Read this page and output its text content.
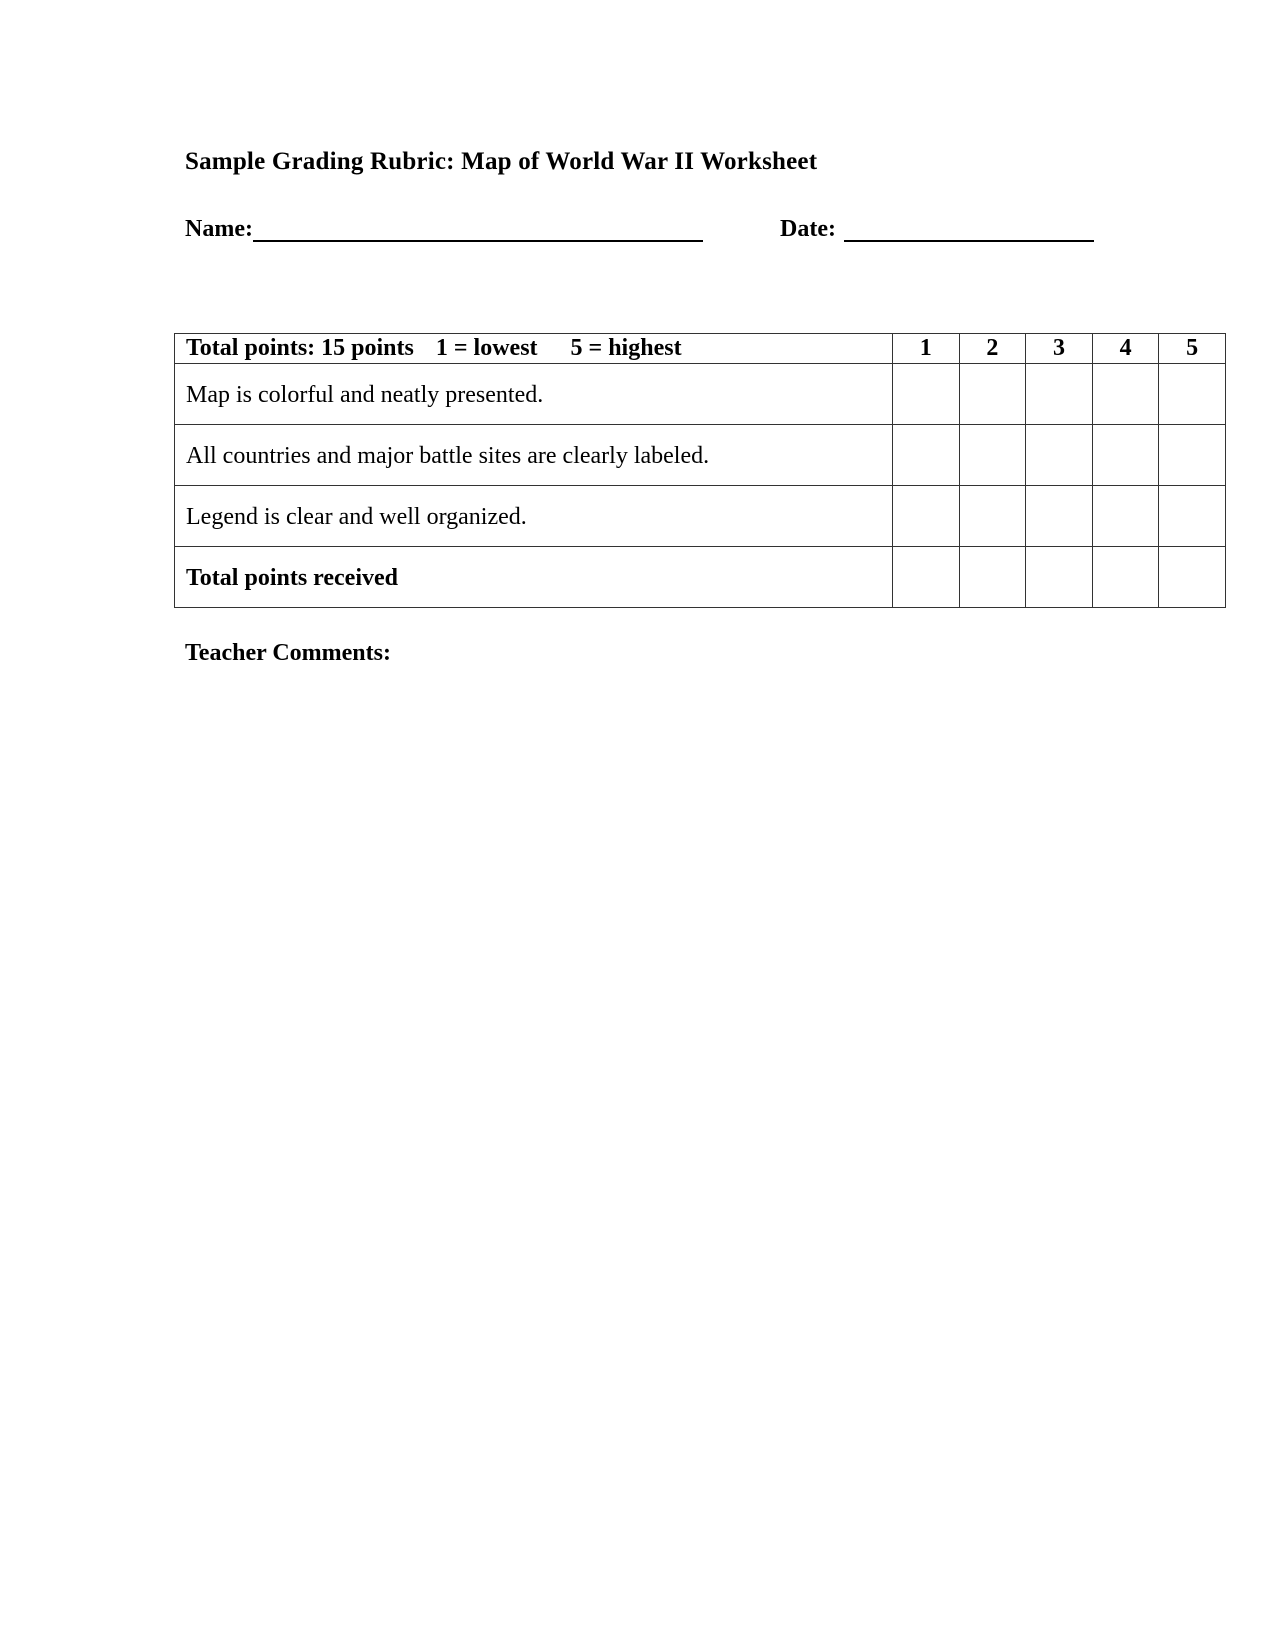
Sample Grading Rubric: Map of World War II Worksheet
Name:	Date:
Total points: 15 points 1 = lowest 5 = highest	1	2	3	4	5
Map is colorful and neatly presented.					
All countries and major battle sites are clearly labeled.					
Legend is clear and well organized.					
Total points received					
Teacher Comments:
